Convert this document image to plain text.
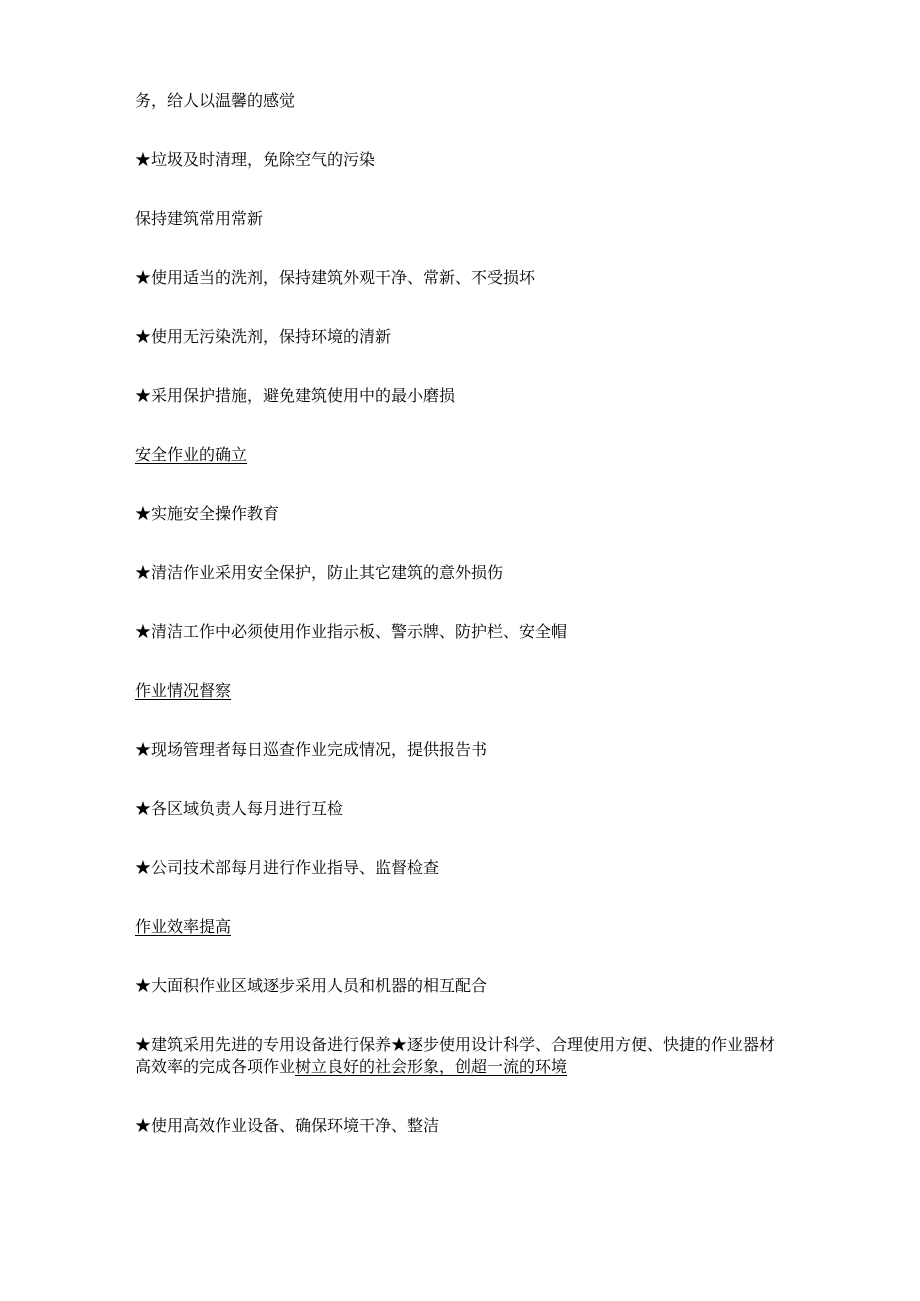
务，给人以温馨的感觉

★垃圾及时清理，免除空气的污染

保持建筑常用常新

★使用适当的洗剂，保持建筑外观干净、常新、不受损坏

★使用无污染洗剂，保持环境的清新

★采用保护措施，避免建筑使用中的最小磨损

安全作业的确立

★实施安全操作教育

★清洁作业采用安全保护，防止其它建筑的意外损伤

★清洁工作中必须使用作业指示板、警示牌、防护栏、安全帽

作业情况督察

★现场管理者每日巡查作业完成情况，提供报告书

★各区域负责人每月进行互检

★公司技术部每月进行作业指导、监督检查

作业效率提高

★大面积作业区域逐步采用人员和机器的相互配合

★建筑采用先进的专用设备进行保养★逐步使用设计科学、合理使用方便、快捷的作业器材高效率的完成各项作业树立良好的社会形象，创超一流的环境

★使用高效作业设备、确保环境干净、整洁
